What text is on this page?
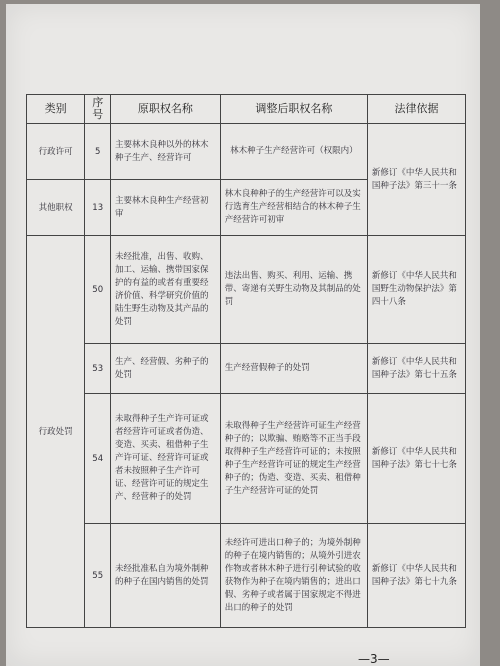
类别	序号	原职权名称	调整后职权名称	法律依据
行政许可	5	主要林木良种以外的林木种子生产、经营许可	林木种子生产经营许可（权限内）	新修订《中华人民共和国种子法》第三十一条
其他职权	13	主要林木良种生产经营初审	林木良种种子的生产经营许可以及实行选育生产经营相结合的林木种子生产经营许可初审	
行政处罚	50	未经批准，出售、收购、加工、运输、携带国家保护的有益的或者有重要经济价值、科学研究价值的陆生野生动物及其产品的处罚	违法出售、购买、利用、运输、携带、寄递有关野生动物及其制品的处罚	新修订《中华人民共和国野生动物保护法》第四十八条
	53	生产、经营假、劣种子的处罚	生产经营假种子的处罚	新修订《中华人民共和国种子法》第七十五条
	54	未取得种子生产许可证或者经营许可证或者伪造、变造、买卖、租借种子生产许可证、经营许可证或者未按照种子生产许可证、经营许可证的规定生产、经营种子的处罚	未取得种子生产经营许可证生产经营种子的；以欺骗、贿赂等不正当手段取得种子生产经营许可证的；未按照种子生产经营许可证的规定生产经营种子的；伪造、变造、买卖、租借种子生产经营许可证的处罚	新修订《中华人民共和国种子法》第七十七条
	55	未经批准私自为境外制种的种子在国内销售的处罚	未经许可进出口种子的；为境外制种的种子在境内销售的；从境外引进农作物或者林木种子进行引种试验的收获物作为种子在境内销售的；进出口假、劣种子或者属于国家规定不得进出口的种子的处罚	新修订《中华人民共和国种子法》第七十九条
—3—
